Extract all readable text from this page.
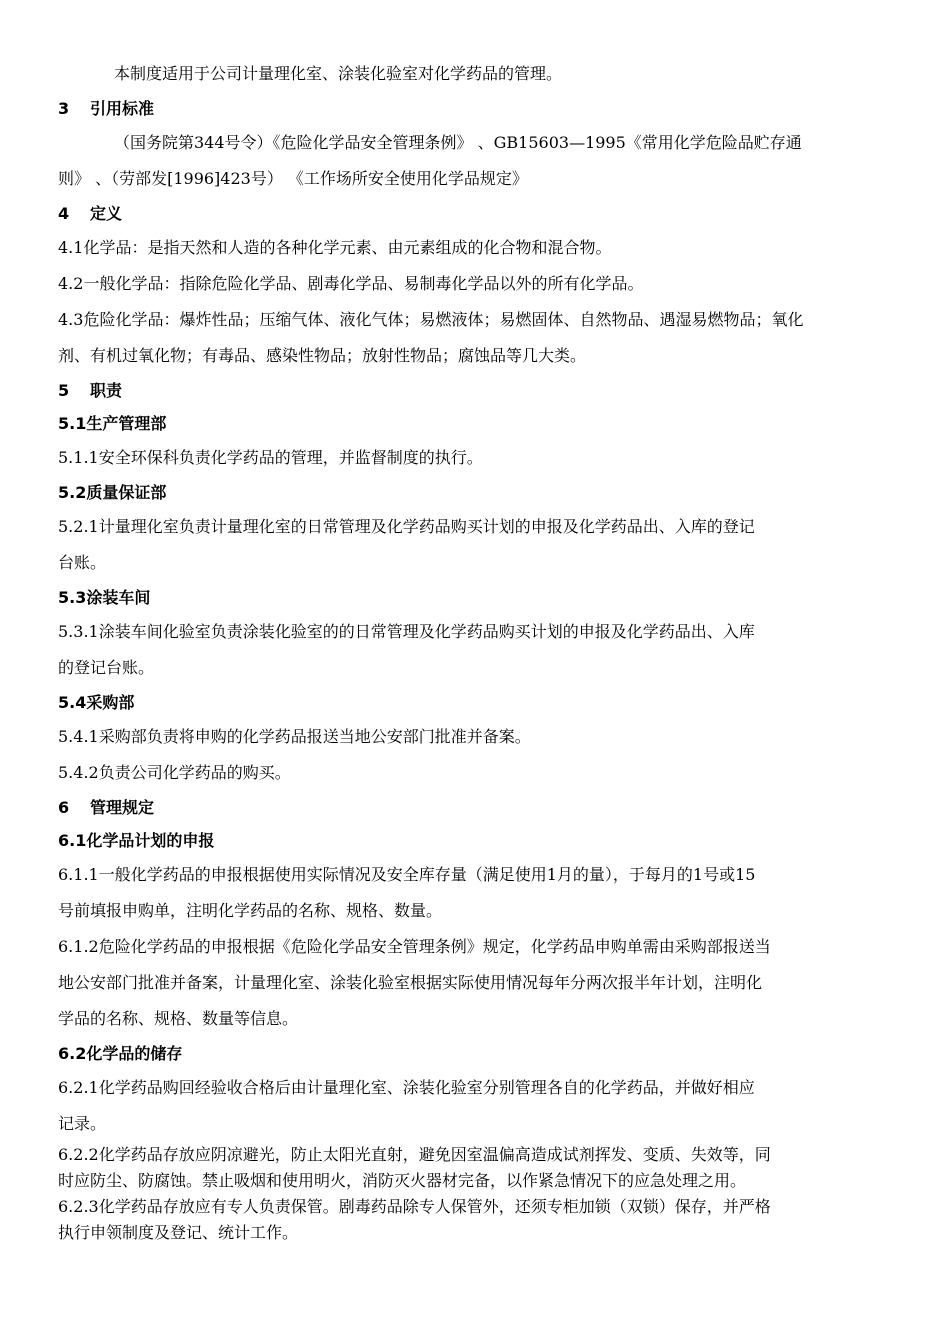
本制度适用于公司计量理化室、涂装化验室对化学药品的管理。
3 引用标准
（国务院第344号令）《危险化学品安全管理条例》 、GB15603—1995《常用化学危险品贮存通
则》 、（劳部发[1996]423号） 《工作场所安全使用化学品规定》
4 定义
4.1化学品：是指天然和人造的各种化学元素、由元素组成的化合物和混合物。
4.2一般化学品：指除危险化学品、剧毒化学品、易制毒化学品以外的所有化学品。
4.3危险化学品：爆炸性品；压缩气体、液化气体；易燃液体；易燃固体、自然物品、遇湿易燃物品；氧化
剂、有机过氧化物；有毒品、感染性物品；放射性物品；腐蚀品等几大类。
5 职责
5.1生产管理部
5.1.1安全环保科负责化学药品的管理，并监督制度的执行。
5.2质量保证部
5.2.1计量理化室负责计量理化室的日常管理及化学药品购买计划的申报及化学药品出、入库的登记
台账。
5.3涂装车间
5.3.1涂装车间化验室负责涂装化验室的的日常管理及化学药品购买计划的申报及化学药品出、入库
的登记台账。
5.4采购部
5.4.1采购部负责将申购的化学药品报送当地公安部门批准并备案。
5.4.2负责公司化学药品的购买。
6 管理规定
6.1化学品计划的申报
6.1.1一般化学药品的申报根据使用实际情况及安全库存量（满足使用1月的量），于每月的1号或15
号前填报申购单，注明化学药品的名称、规格、数量。
6.1.2危险化学药品的申报根据《危险化学品安全管理条例》规定，化学药品申购单需由采购部报送当
地公安部门批准并备案，计量理化室、涂装化验室根据实际使用情况每年分两次报半年计划，注明化
学品的名称、规格、数量等信息。
6.2化学品的储存
6.2.1化学药品购回经验收合格后由计量理化室、涂装化验室分别管理各自的化学药品，并做好相应
记录。
6.2.2化学药品存放应阴凉避光，防止太阳光直射，避免因室温偏高造成试剂挥发、变质、失效等，同
时应防尘、防腐蚀。禁止吸烟和使用明火，消防灭火器材完备，以作紧急情况下的应急处理之用。
6.2.3化学药品存放应有专人负责保管。剧毒药品除专人保管外，还须专柜加锁（双锁）保存，并严格
执行申领制度及登记、统计工作。
